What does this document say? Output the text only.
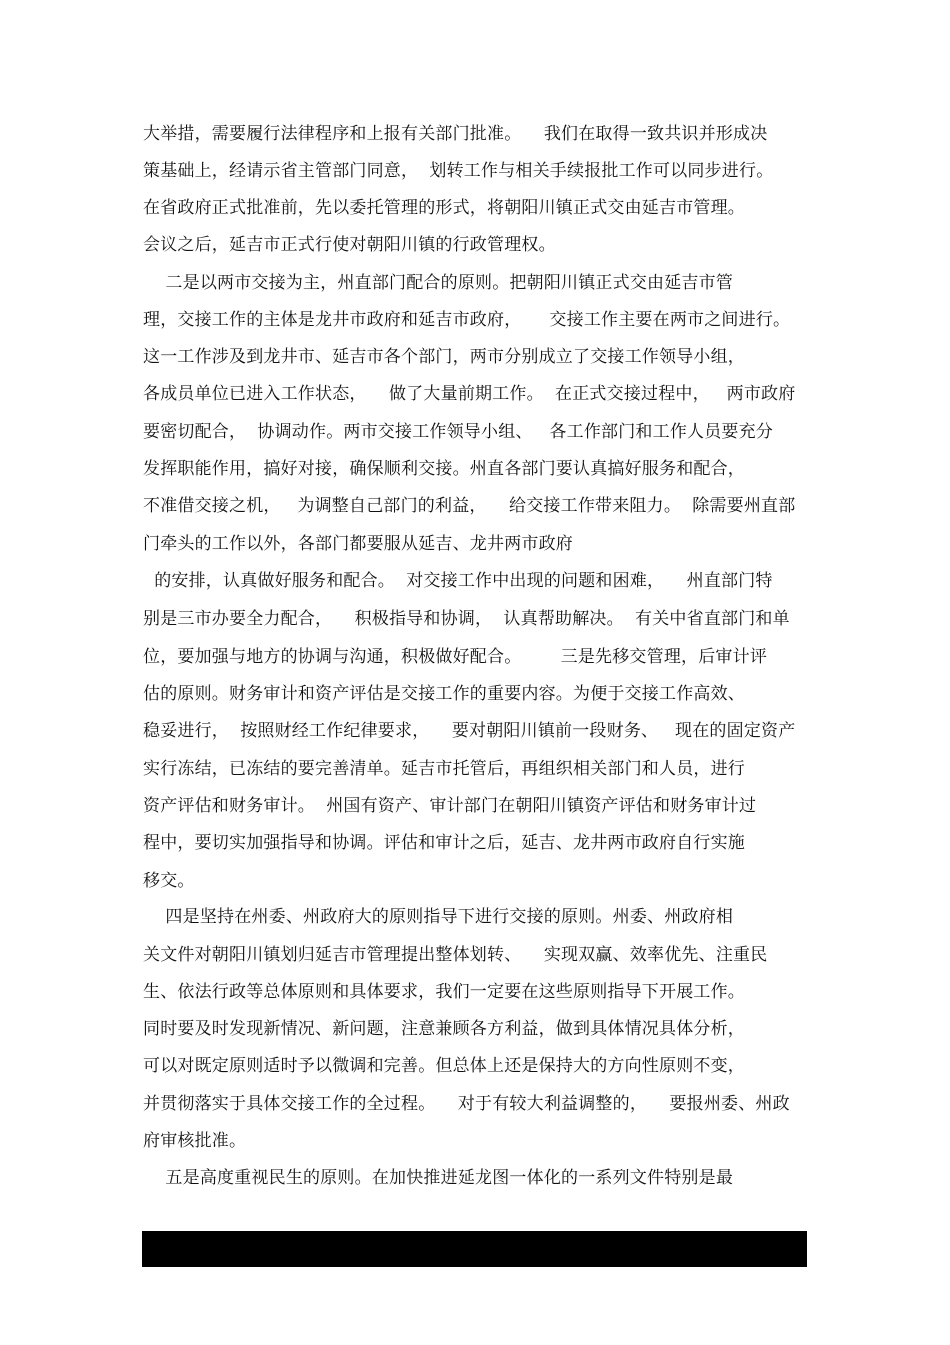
大举措，需要履行法律程序和上报有关部门批准。    我们在取得一致共识并形成决
策基础上，经请示省主管部门同意，  划转工作与相关手续报批工作可以同步进行。
在省政府正式批准前，先以委托管理的形式，将朝阳川镇正式交由延吉市管理。
会议之后，延吉市正式行使对朝阳川镇的行政管理权。
二是以两市交接为主，州直部门配合的原则。把朝阳川镇正式交由延吉市管
理，交接工作的主体是龙井市政府和延吉市政府，     交接工作主要在两市之间进行。
这一工作涉及到龙井市、延吉市各个部门，两市分别成立了交接工作领导小组，
各成员单位已进入工作状态，    做了大量前期工作。  在正式交接过程中，   两市政府
要密切配合，  协调动作。两市交接工作领导小组、   各工作部门和工作人员要充分
发挥职能作用，搞好对接，确保顺利交接。州直各部门要认真搞好服务和配合，
不准借交接之机，   为调整自己部门的利益，    给交接工作带来阻力。  除需要州直部
门牵头的工作以外，各部门都要服从延吉、龙井两市政府
的安排，认真做好服务和配合。  对交接工作中出现的问题和困难，    州直部门特
别是三市办要全力配合，    积极指导和协调，  认真帮助解决。  有关中省直部门和单
位，要加强与地方的协调与沟通，积极做好配合。       三是先移交管理，后审计评
估的原则。财务审计和资产评估是交接工作的重要内容。为便于交接工作高效、
稳妥进行，  按照财经工作纪律要求，    要对朝阳川镇前一段财务、   现在的固定资产
实行冻结，已冻结的要完善清单。延吉市托管后，再组织相关部门和人员，进行
资产评估和财务审计。  州国有资产、审计部门在朝阳川镇资产评估和财务审计过
程中，要切实加强指导和协调。评估和审计之后，延吉、龙井两市政府自行实施
移交。
四是坚持在州委、州政府大的原则指导下进行交接的原则。州委、州政府相
关文件对朝阳川镇划归延吉市管理提出整体划转、    实现双赢、效率优先、注重民
生、依法行政等总体原则和具体要求，我们一定要在这些原则指导下开展工作。
同时要及时发现新情况、新问题，注意兼顾各方利益，做到具体情况具体分析，
可以对既定原则适时予以微调和完善。但总体上还是保持大的方向性原则不变，
并贯彻落实于具体交接工作的全过程。    对于有较大利益调整的，    要报州委、州政
府审核批准。
五是高度重视民生的原则。在加快推进延龙图一体化的一系列文件特别是最
